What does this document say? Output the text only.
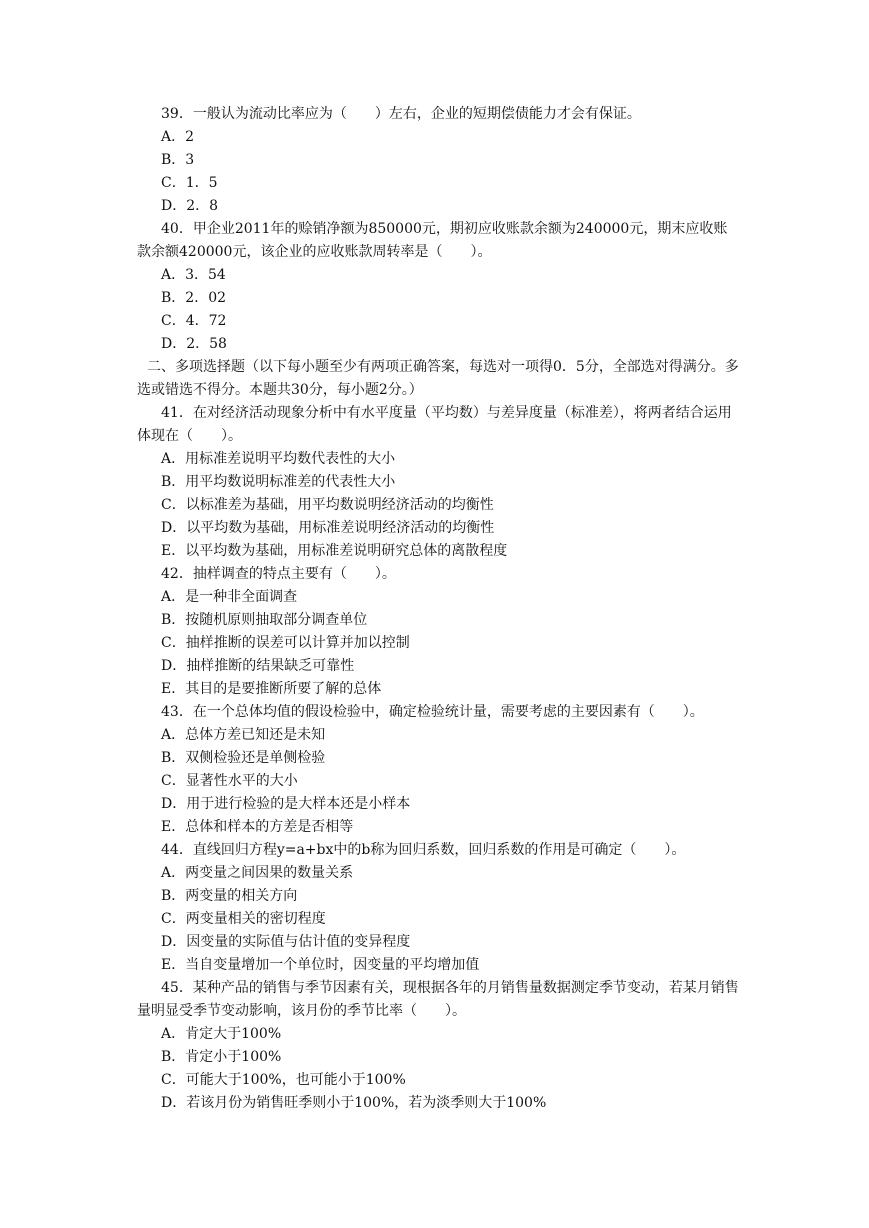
39．一般认为流动比率应为（　　）左右，企业的短期偿债能力才会有保证。

A．2

B．3

C．1．5

D．2．8

40．甲企业2011年的赊销净额为850000元，期初应收账款余额为240000元，期末应收账款余额420000元，该企业的应收账款周转率是（　　）。

A．3．54

B．2．02

C．4．72

D．2．58

二、多项选择题（以下每小题至少有两项正确答案，每选对一项得0．5分，全部选对得满分。多选或错选不得分。本题共30分，每小题2分。）

41．在对经济活动现象分析中有水平度量（平均数）与差异度量（标准差），将两者结合运用体现在（　　）。

A．用标准差说明平均数代表性的大小

B．用平均数说明标准差的代表性大小

C．以标准差为基础，用平均数说明经济活动的均衡性

D．以平均数为基础，用标准差说明经济活动的均衡性

E．以平均数为基础，用标准差说明研究总体的离散程度

42．抽样调查的特点主要有（　　）。

A．是一种非全面调查

B．按随机原则抽取部分调查单位

C．抽样推断的误差可以计算并加以控制

D．抽样推断的结果缺乏可靠性

E．其目的是要推断所要了解的总体

43．在一个总体均值的假设检验中，确定检验统计量，需要考虑的主要因素有（　　）。

A．总体方差已知还是未知

B．双侧检验还是单侧检验

C．显著性水平的大小

D．用于进行检验的是大样本还是小样本

E．总体和样本的方差是否相等

44．直线回归方程y=a+bx中的b称为回归系数，回归系数的作用是可确定（　　）。

A．两变量之间因果的数量关系

B．两变量的相关方向

C．两变量相关的密切程度

D．因变量的实际值与估计值的变异程度

E．当自变量增加一个单位时，因变量的平均增加值

45．某种产品的销售与季节因素有关，现根据各年的月销售量数据测定季节变动，若某月销售量明显受季节变动影响，该月份的季节比率（　　）。

A．肯定大于100%

B．肯定小于100%

C．可能大于100%，也可能小于100%

D．若该月份为销售旺季则小于100%，若为淡季则大于100%
